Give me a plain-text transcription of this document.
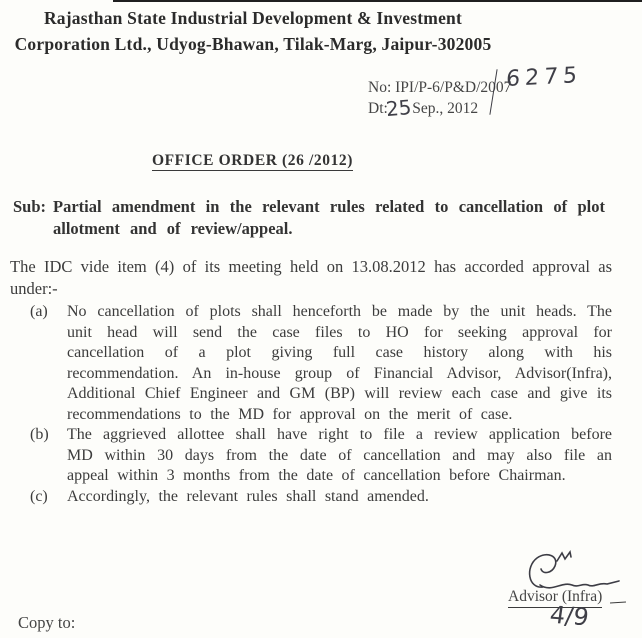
Rajasthan State Industrial Development & Investment
Corporation Ltd., Udyog-Bhawan, Tilak-Marg, Jaipur-302005
No: IPI/P-6/P&D/2007
Dt:25Sep., 2012
6275
OFFICE ORDER (26 /2012)
Sub: Partial amendment in the relevant rules related to cancellation of plot allotment and of review/appeal.
The IDC vide item (4) of its meeting held on 13.08.2012 has accorded approval as under:-
(a) No cancellation of plots shall henceforth be made by the unit heads. The unit head will send the case files to HO for seeking approval for cancellation of a plot giving full case history along with his recommendation. An in-house group of Financial Advisor, Advisor(Infra), Additional Chief Engineer and GM (BP) will review each case and give its recommendations to the MD for approval on the merit of case.
(b) The aggrieved allottee shall have right to file a review application before MD within 30 days from the date of cancellation and may also file an appeal within 3 months from the date of cancellation before Chairman.
(c) Accordingly, the relevant rules shall stand amended.
Advisor (Infra)
4/9
Copy to:
